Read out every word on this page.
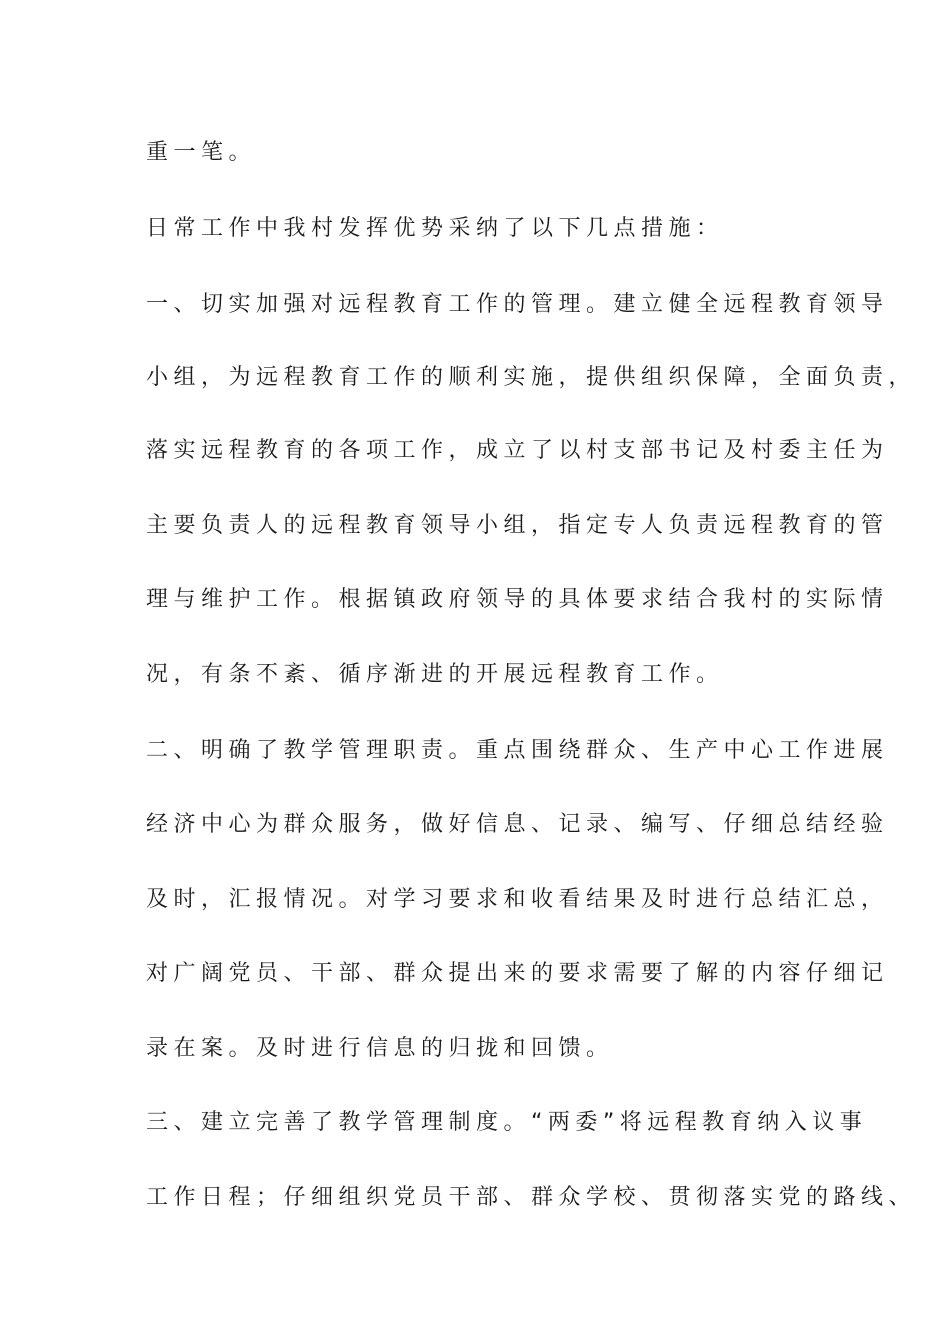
重一笔。
日常工作中我村发挥优势采纳了以下几点措施：
一、切实加强对远程教育工作的管理。建立健全远程教育领导
小组，为远程教育工作的顺利实施，提供组织保障，全面负责，
落实远程教育的各项工作，成立了以村支部书记及村委主任为
主要负责人的远程教育领导小组，指定专人负责远程教育的管
理与维护工作。根据镇政府领导的具体要求结合我村的实际情
况，有条不紊、循序渐进的开展远程教育工作。
二、明确了教学管理职责。重点围绕群众、生产中心工作进展
经济中心为群众服务，做好信息、记录、编写、仔细总结经验
及时，汇报情况。对学习要求和收看结果及时进行总结汇总，
对广阔党员、干部、群众提出来的要求需要了解的内容仔细记
录在案。及时进行信息的归拢和回馈。
三、建立完善了教学管理制度。“两委”将远程教育纳入议事
工作日程；仔细组织党员干部、群众学校、贯彻落实党的路线、
